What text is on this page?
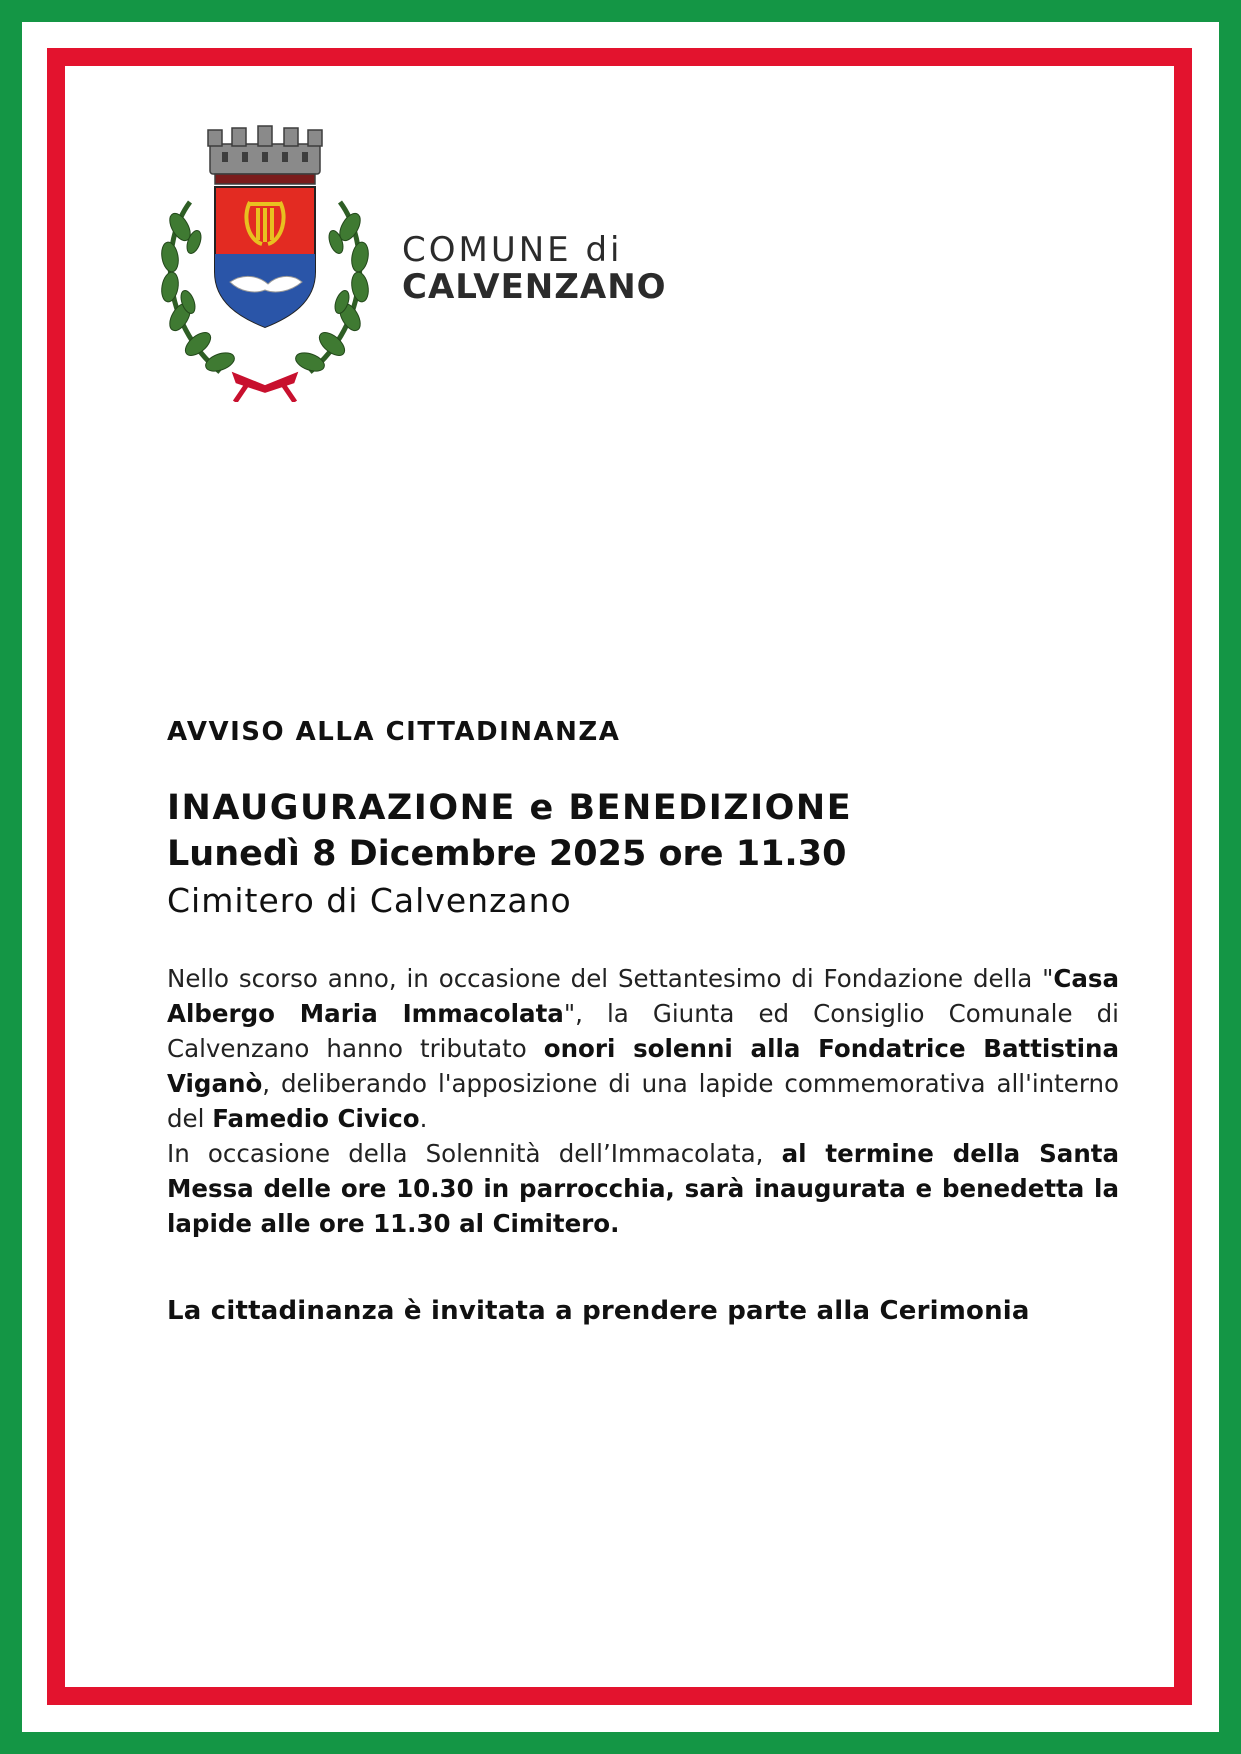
COMUNE di
CALVENZANO
AVVISO ALLA CITTADINANZA
INAUGURAZIONE e BENEDIZIONE
Lunedì 8 Dicembre 2025 ore 11.30
Cimitero di Calvenzano

Nello scorso anno, in occasione del Settantesimo di Fondazione della "Casa Albergo Maria Immacolata", la Giunta ed Consiglio Comunale di Calvenzano hanno tributato onori solenni alla Fondatrice Battistina Viganò, deliberando l'apposizione di una lapide commemorativa all'interno del Famedio Civico.
In occasione della Solennità dell’Immacolata, al termine della Santa Messa delle ore 10.30 in parrocchia, sarà inaugurata e benedetta la lapide alle ore 11.30 al Cimitero.

La cittadinanza è invitata a prendere parte alla Cerimonia
